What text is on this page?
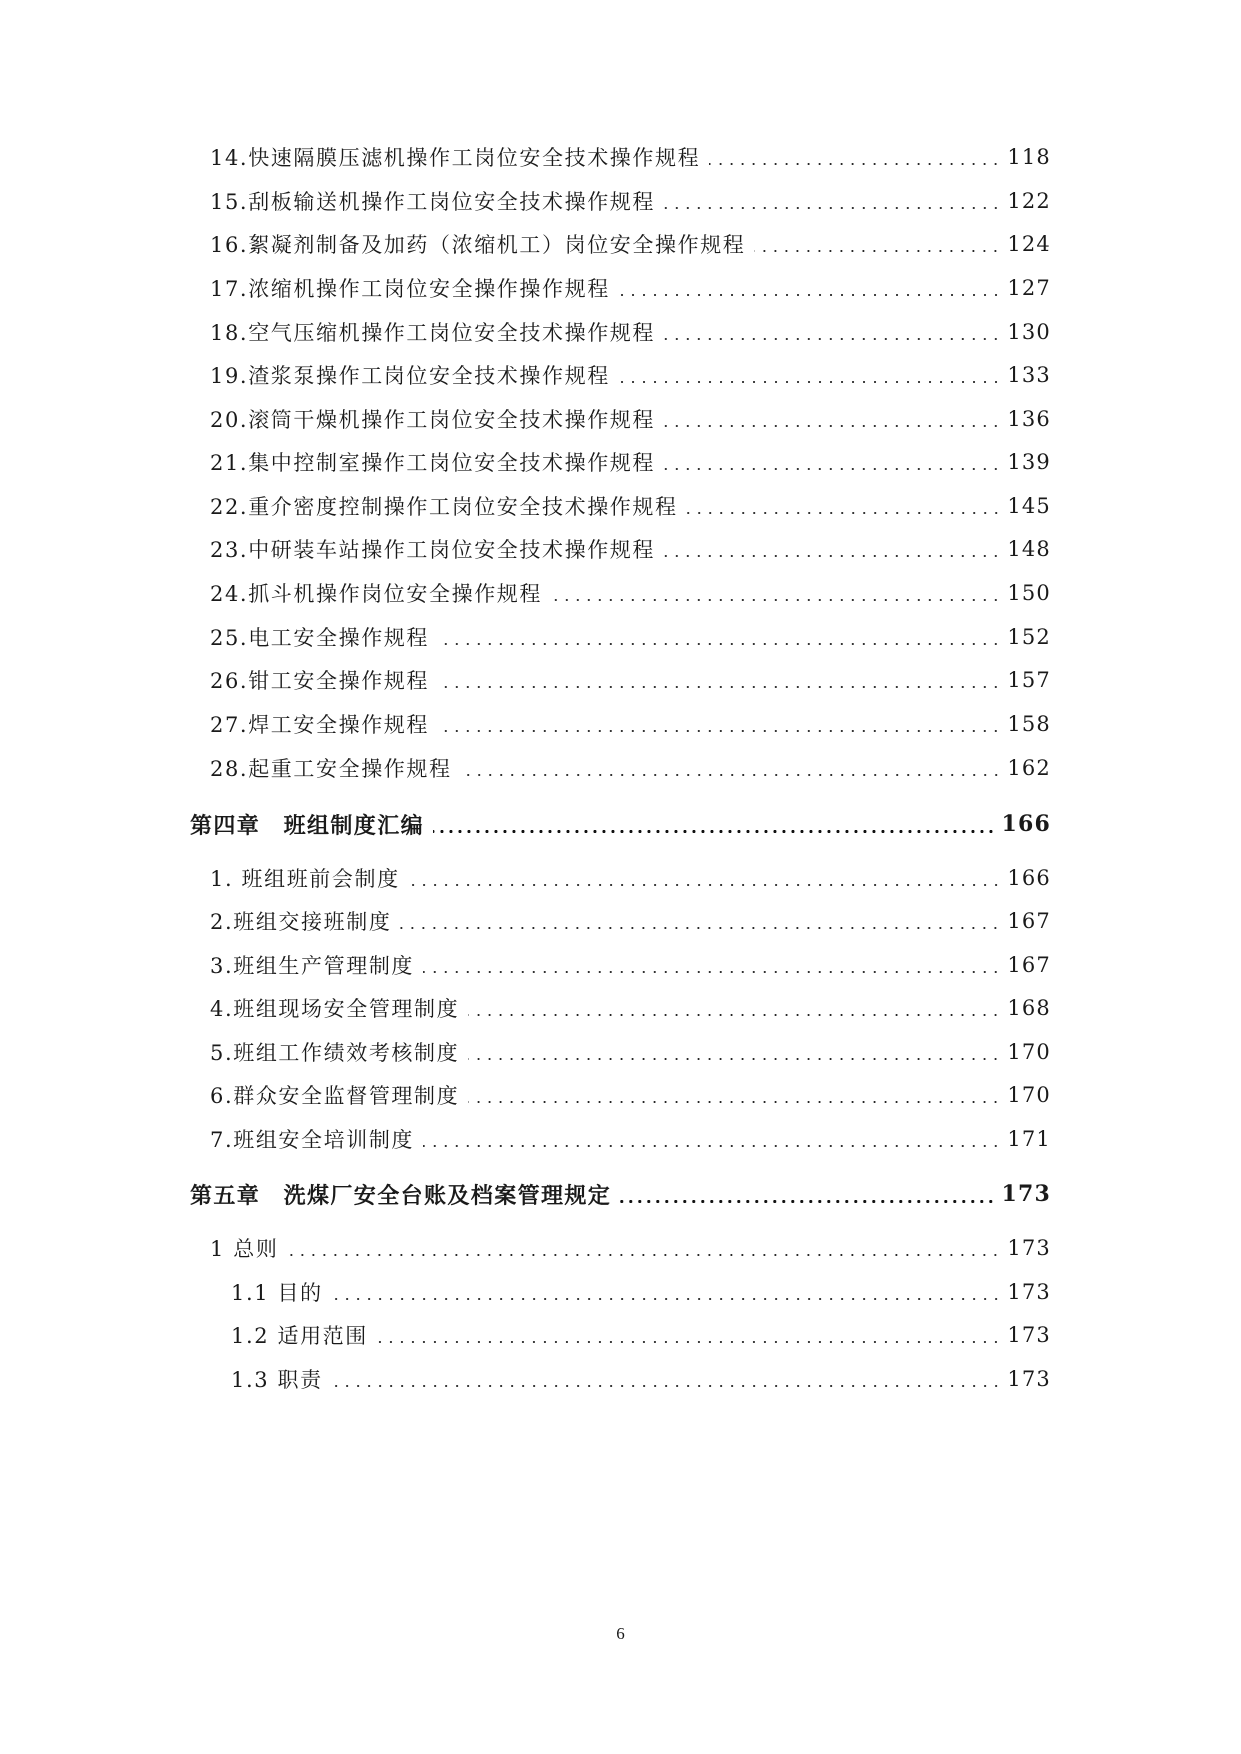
14.快速隔膜压滤机操作工岗位安全技术操作规程	118
15.刮板输送机操作工岗位安全技术操作规程	122
16.絮凝剂制备及加药（浓缩机工）岗位安全操作规程	124
17.浓缩机操作工岗位安全操作操作规程	127
18.空气压缩机操作工岗位安全技术操作规程	130
19.渣浆泵操作工岗位安全技术操作规程	133
20.滚筒干燥机操作工岗位安全技术操作规程	136
21.集中控制室操作工岗位安全技术操作规程	139
22.重介密度控制操作工岗位安全技术操作规程	145
23.中研装车站操作工岗位安全技术操作规程	148
24.抓斗机操作岗位安全操作规程	150
25.电工安全操作规程	152
26.钳工安全操作规程	157
27.焊工安全操作规程	158
28.起重工安全操作规程	162
第四章　班组制度汇编	166
1. 班组班前会制度	166
2.班组交接班制度	167
3.班组生产管理制度	167
4.班组现场安全管理制度	168
5.班组工作绩效考核制度	170
6.群众安全监督管理制度	170
7.班组安全培训制度	171
第五章　洗煤厂安全台账及档案管理规定	173
1 总则	173
1.1 目的	173
1.2 适用范围	173
1.3 职责	173
6
